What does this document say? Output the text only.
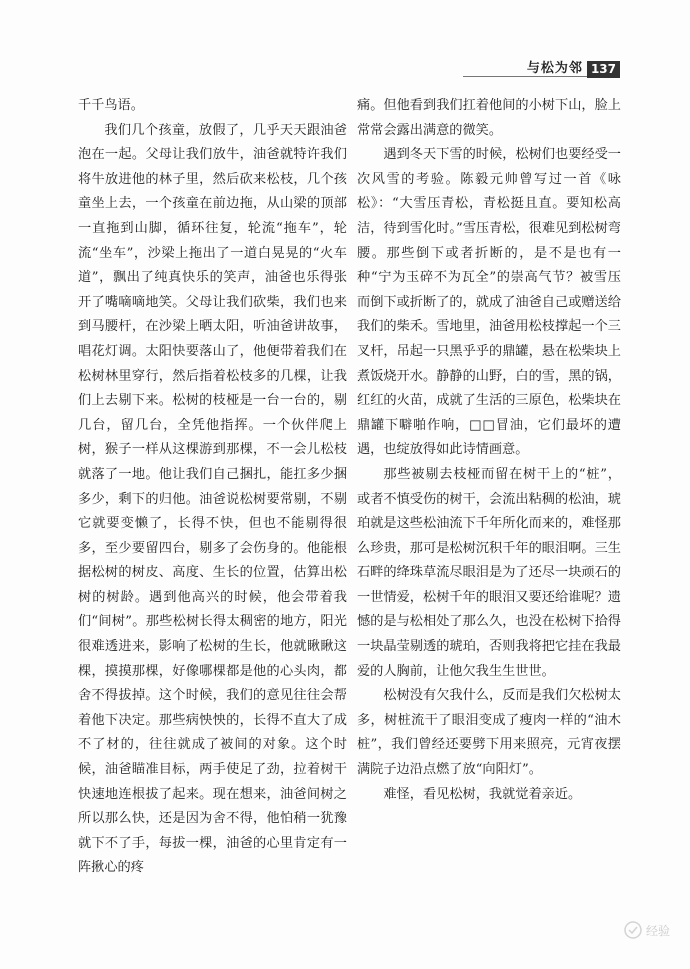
与松为邻 137

千千鸟语。

我们几个孩童，放假了，几乎天天跟油爸泡在一起。父母让我们放牛，油爸就特许我们将牛放进他的林子里，然后砍来松枝，几个孩童坐上去，一个孩童在前边拖，从山梁的顶部一直拖到山脚，循环往复，轮流“拖车”，轮流“坐车”，沙梁上拖出了一道白晃晃的“火车道”，飘出了纯真快乐的笑声，油爸也乐得张开了嘴嘀嘀地笑。父母让我们砍柴，我们也来到马腰杆，在沙梁上晒太阳，听油爸讲故事，唱花灯调。太阳快要落山了，他便带着我们在松树林里穿行，然后指着松枝多的几棵，让我们上去剔下来。松树的枝桠是一台一台的，剔几台，留几台，全凭他指挥。一个伙伴爬上树，猴子一样从这棵游到那棵，不一会儿松枝就落了一地。他让我们自己捆扎，能扛多少捆多少，剩下的归他。油爸说松树要常剔，不剔它就要变懒了，长得不快，但也不能剔得很多，至少要留四台，剔多了会伤身的。他能根据松树的树皮、高度、生长的位置，估算出松树的树龄。遇到他高兴的时候，他会带着我们“间树”。那些松树长得太稠密的地方，阳光很难透进来，影响了松树的生长，他就瞅瞅这棵，摸摸那棵，好像哪棵都是他的心头肉，都舍不得拔掉。这个时候，我们的意见往往会帮着他下决定。那些病怏怏的，长得不直大了成不了材的，往往就成了被间的对象。这个时候，油爸瞄准目标，两手使足了劲，拉着树干快速地连根拔了起来。现在想来，油爸间树之所以那么快，还是因为舍不得，他怕稍一犹豫就下不了手，每拔一棵，油爸的心里肯定有一阵揪心的疼

痛。但他看到我们扛着他间的小树下山，脸上常常会露出满意的微笑。

遇到冬天下雪的时候，松树们也要经受一次风雪的考验。陈毅元帅曾写过一首《咏松》：“大雪压青松，青松挺且直。要知松高洁，待到雪化时。”雪压青松，很难见到松树弯腰。那些倒下或者折断的，是不是也有一种“宁为玉碎不为瓦全”的崇高气节？被雪压而倒下或折断了的，就成了油爸自己或赠送给我们的柴禾。雪地里，油爸用松枝撑起一个三叉杆，吊起一只黑乎乎的鼎罐，悬在松柴块上煮饭烧开水。静静的山野，白的雪，黑的锅，红红的火苗，成就了生活的三原色，松柴块在鼎罐下噼啪作响，□□冒油，它们最坏的遭遇，也绽放得如此诗情画意。

那些被剔去枝桠而留在树干上的“桩”，或者不慎受伤的树干，会流出粘稠的松油，琥珀就是这些松油流下千年所化而来的，难怪那么珍贵，那可是松树沉积千年的眼泪啊。三生石畔的绛珠草流尽眼泪是为了还尽一块顽石的一世情爱，松树千年的眼泪又要还给谁呢？遗憾的是与松相处了那么久，也没在松树下拾得一块晶莹剔透的琥珀，否则我将把它挂在我最爱的人胸前，让他欠我生生世世。

松树没有欠我什么，反而是我们欠松树太多，树桩流干了眼泪变成了瘦肉一样的“油木桩”，我们曾经还要劈下用来照亮，元宵夜摆满院子边沿点燃了放“向阳灯”。

难怪，看见松树，我就觉着亲近。

经验
